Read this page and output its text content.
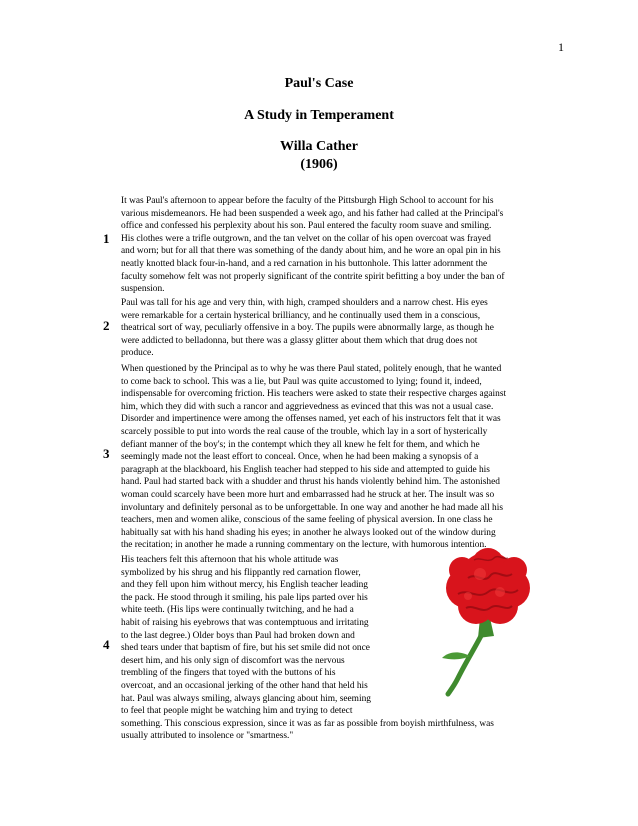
1
Paul's Case
A Study in Temperament
Willa Cather
(1906)
1
2
3
4

It was Paul's afternoon to appear before the faculty of the Pittsburgh High School to account for his

various misdemeanors. He had been suspended a week ago, and his father had called at the Principal's

office and confessed his perplexity about his son. Paul entered the faculty room suave and smiling.

His clothes were a trifle outgrown, and the tan velvet on the collar of his open overcoat was frayed

and worn; but for all that there was something of the dandy about him, and he wore an opal pin in his

neatly knotted black four-in-hand, and a red carnation in his buttonhole. This latter adornment the

faculty somehow felt was not properly significant of the contrite spirit befitting a boy under the ban of

suspension.

Paul was tall for his age and very thin, with high, cramped shoulders and a narrow chest. His eyes

were remarkable for a certain hysterical brilliancy, and he continually used them in a conscious,

theatrical sort of way, peculiarly offensive in a boy. The pupils were abnormally large, as though he

were addicted to belladonna, but there was a glassy glitter about them which that drug does not

produce.

When questioned by the Principal as to why he was there Paul stated, politely enough, that he wanted

to come back to school. This was a lie, but Paul was quite accustomed to lying; found it, indeed,

indispensable for overcoming friction. His teachers were asked to state their respective charges against

him, which they did with such a rancor and aggrievedness as evinced that this was not a usual case.

Disorder and impertinence were among the offenses named, yet each of his instructors felt that it was

scarcely possible to put into words the real cause of the trouble, which lay in a sort of hysterically

defiant manner of the boy's; in the contempt which they all knew he felt for them, and which he

seemingly made not the least effort to conceal. Once, when he had been making a synopsis of a

paragraph at the blackboard, his English teacher had stepped to his side and attempted to guide his

hand. Paul had started back with a shudder and thrust his hands violently behind him. The astonished

woman could scarcely have been more hurt and embarrassed had he struck at her. The insult was so

involuntary and definitely personal as to be unforgettable. In one way and another he had made all his

teachers, men and women alike, conscious of the same feeling of physical aversion. In one class he

habitually sat with his hand shading his eyes; in another he always looked out of the window during

the recitation; in another he made a running commentary on the lecture, with humorous intention.

His teachers felt this afternoon that his whole attitude was

symbolized by his shrug and his flippantly red carnation flower,

and they fell upon him without mercy, his English teacher leading

the pack. He stood through it smiling, his pale lips parted over his

white teeth. (His lips were continually twitching, and he had a

habit of raising his eyebrows that was contemptuous and irritating

to the last degree.) Older boys than Paul had broken down and

shed tears under that baptism of fire, but his set smile did not once

desert him, and his only sign of discomfort was the nervous

trembling of the fingers that toyed with the buttons of his

overcoat, and an occasional jerking of the other hand that held his

hat. Paul was always smiling, always glancing about him, seeming

to feel that people might be watching him and trying to detect

something. This conscious expression, since it was as far as possible from boyish mirthfulness, was

usually attributed to insolence or "smartness."
